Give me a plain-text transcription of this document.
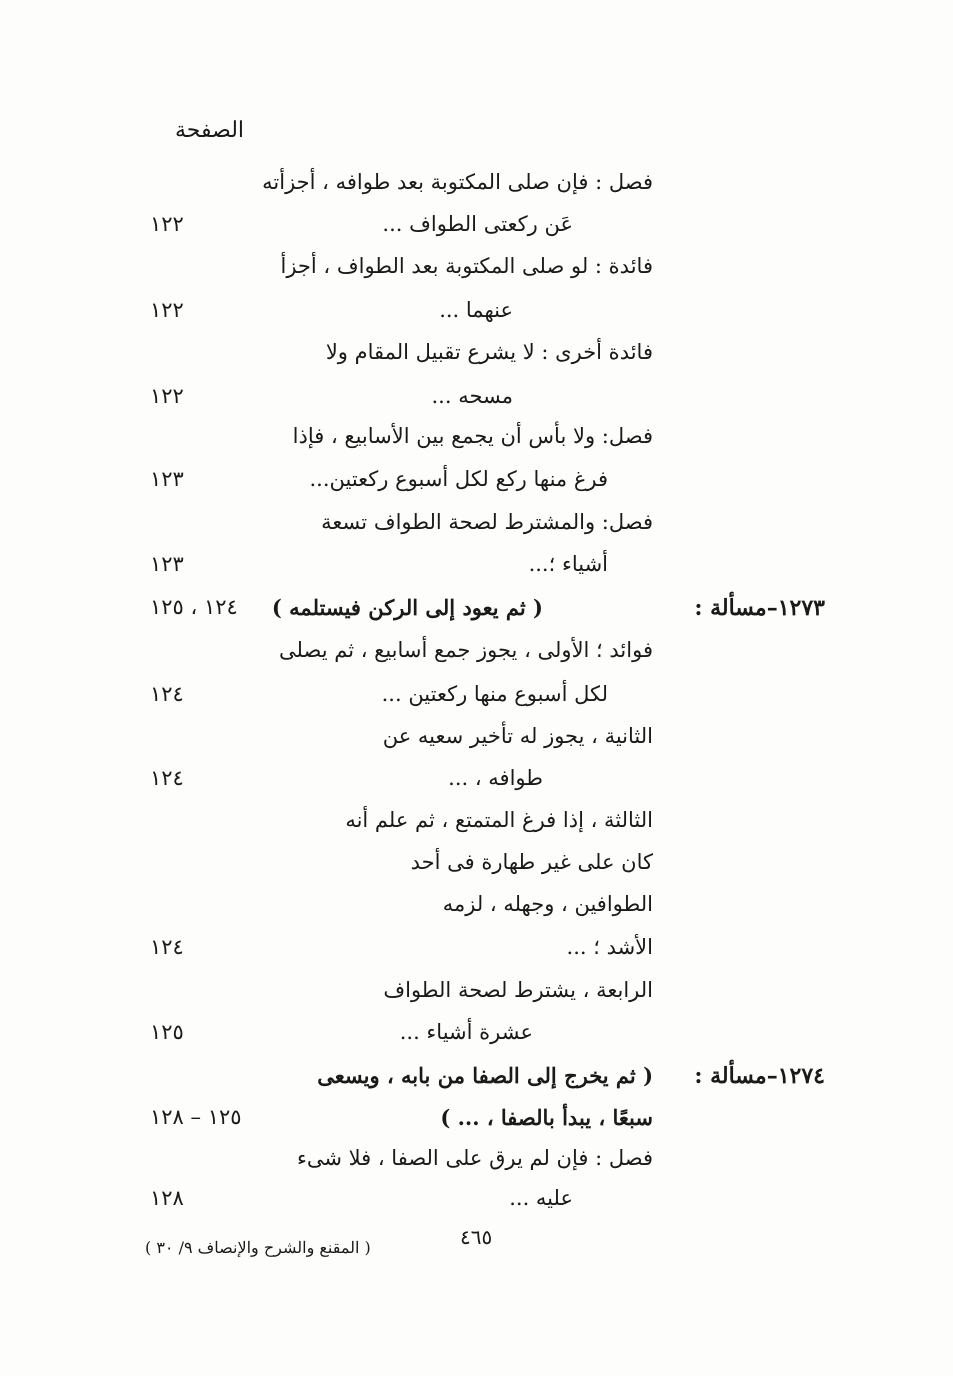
الصفحة
فصل : فإن صلى المكتوبة بعد طوافه ، أجزأته
عَن ركعتى الطواف ...
١٢٢
فائدة : لو صلى المكتوبة بعد الطواف ، أجزأ
عنهما ...
١٢٢
فائدة أخرى : لا يشرع تقبيل المقام ولا
مسحه ...
١٢٢
فصل: ولا بأس أن يجمع بين الأسابيع ، فإذا
فرغ منها ركع لكل أسبوع ركعتين...
١٢٣
فصل: والمشترط لصحة الطواف تسعة
أشياء ؛...
١٢٣
١٢٧٣–مسألة :
( ثم يعود إلى الركن فيستلمه )
١٢٤ ، ١٢٥
فوائد ؛ الأولى ، يجوز جمع أسابيع ، ثم يصلى
لكل أسبوع منها ركعتين ...
١٢٤
الثانية ، يجوز له تأخير سعيه عن
طوافه ، ...
١٢٤
الثالثة ، إذا فرغ المتمتع ، ثم علم أنه
كان على غير طهارة فى أحد
الطوافين ، وجهله ، لزمه
الأشد ؛ ...
١٢٤
الرابعة ، يشترط لصحة الطواف
عشرة أشياء ...
١٢٥
١٢٧٤–مسألة :
( ثم يخرج إلى الصفا من بابه ، ويسعى
سبعًا ، يبدأ بالصفا ، ... )
١٢٥ – ١٢٨
فصل : فإن لم يرق على الصفا ، فلا شىء
عليه ...
١٢٨
٤٦٥
( المقنع والشرح والإنصاف ٩/ ٣٠ )
